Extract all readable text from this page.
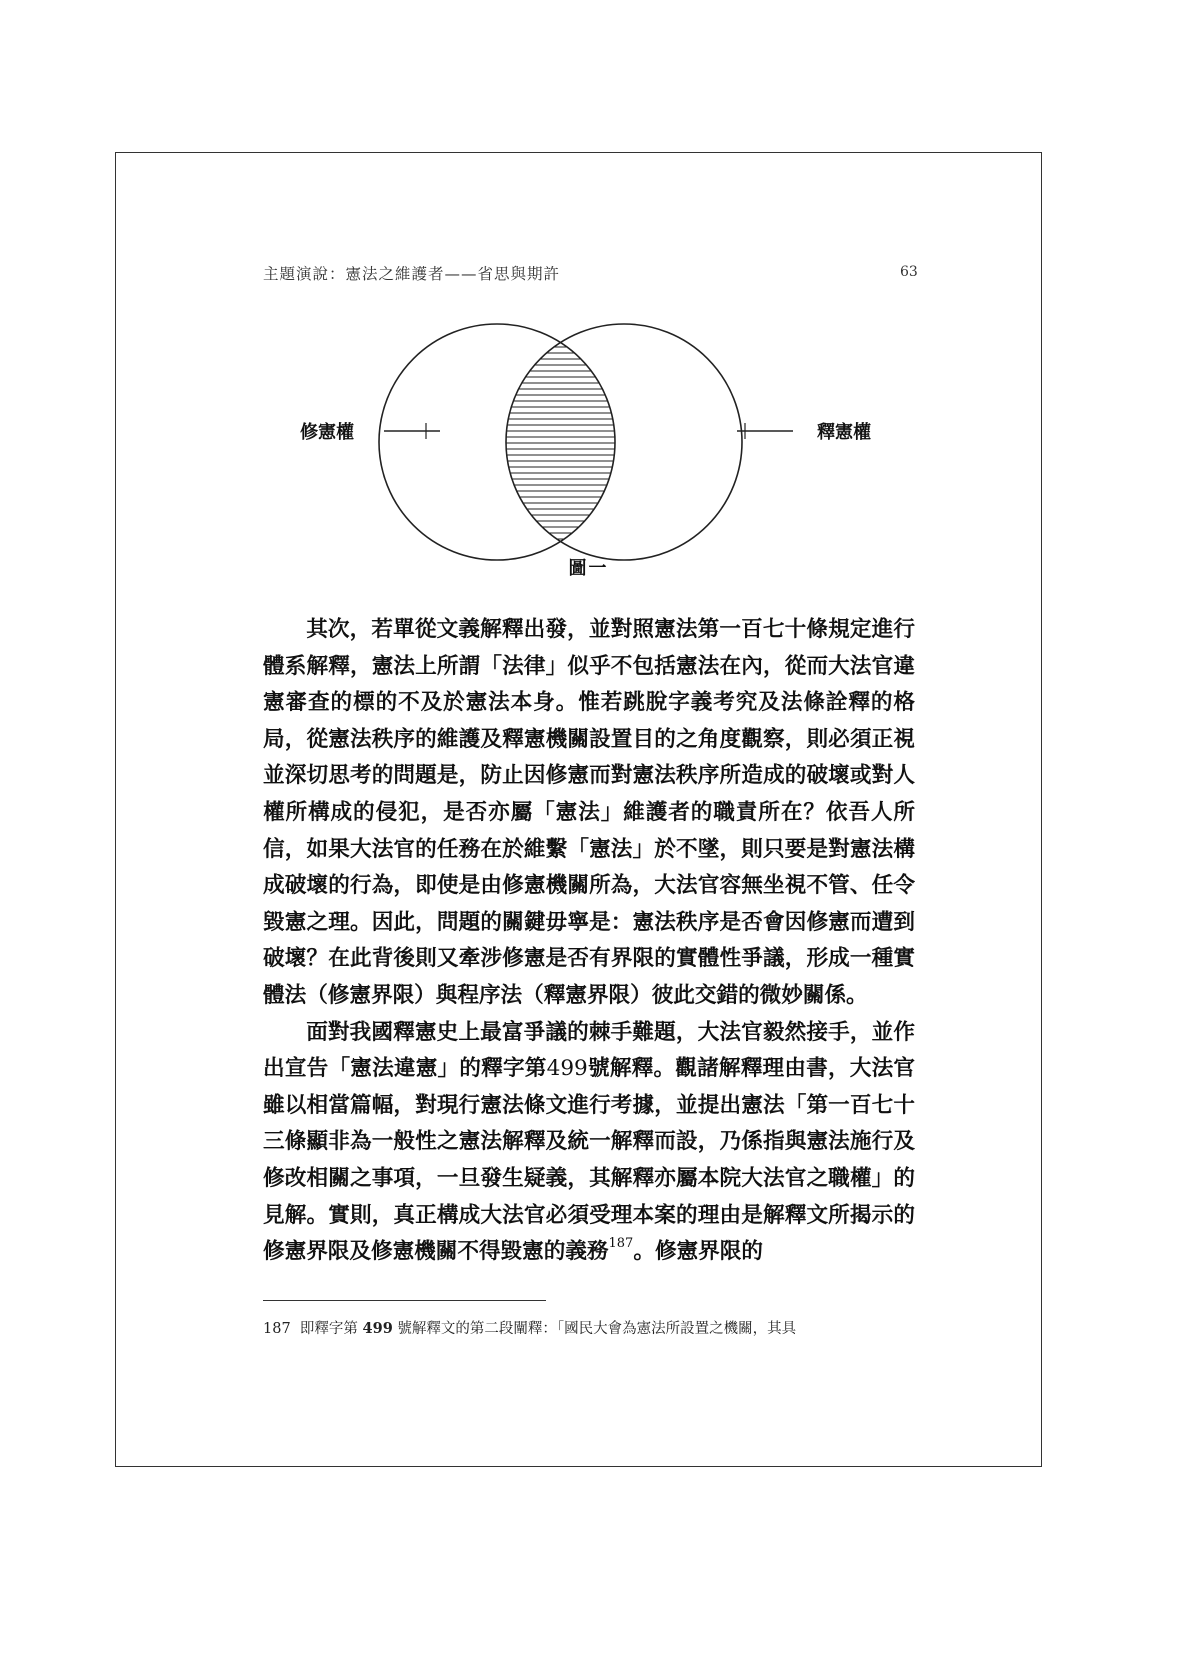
主題演說：憲法之維護者——省思與期許	63
修憲權	釋憲權
圖一

其次，若單從文義解釋出發，並對照憲法第一百七十條規定進行體系解釋，憲法上所謂「法律」似乎不包括憲法在內，從而大法官違憲審查的標的不及於憲法本身。惟若跳脫字義考究及法條詮釋的格局，從憲法秩序的維護及釋憲機關設置目的之角度觀察，則必須正視並深切思考的問題是，防止因修憲而對憲法秩序所造成的破壞或對人權所構成的侵犯，是否亦屬「憲法」維護者的職責所在？依吾人所信，如果大法官的任務在於維繫「憲法」於不墜，則只要是對憲法構成破壞的行為，即使是由修憲機關所為，大法官容無坐視不管、任令毀憲之理。因此，問題的關鍵毋寧是：憲法秩序是否會因修憲而遭到破壞？在此背後則又牽涉修憲是否有界限的實體性爭議，形成一種實體法（修憲界限）與程序法（釋憲界限）彼此交錯的微妙關係。

面對我國釋憲史上最富爭議的棘手難題，大法官毅然接手，並作出宣告「憲法違憲」的釋字第499號解釋。觀諸解釋理由書，大法官雖以相當篇幅，對現行憲法條文進行考據，並提出憲法「第一百七十三條顯非為一般性之憲法解釋及統一解釋而設，乃係指與憲法施行及修改相關之事項，一旦發生疑義，其解釋亦屬本院大法官之職權」的見解。實則，真正構成大法官必須受理本案的理由是解釋文所揭示的修憲界限及修憲機關不得毀憲的義務$^{187}$。修憲界限的

187 即釋字第 499 號解釋文的第二段闡釋：「國民大會為憲法所設置之機關，其具
